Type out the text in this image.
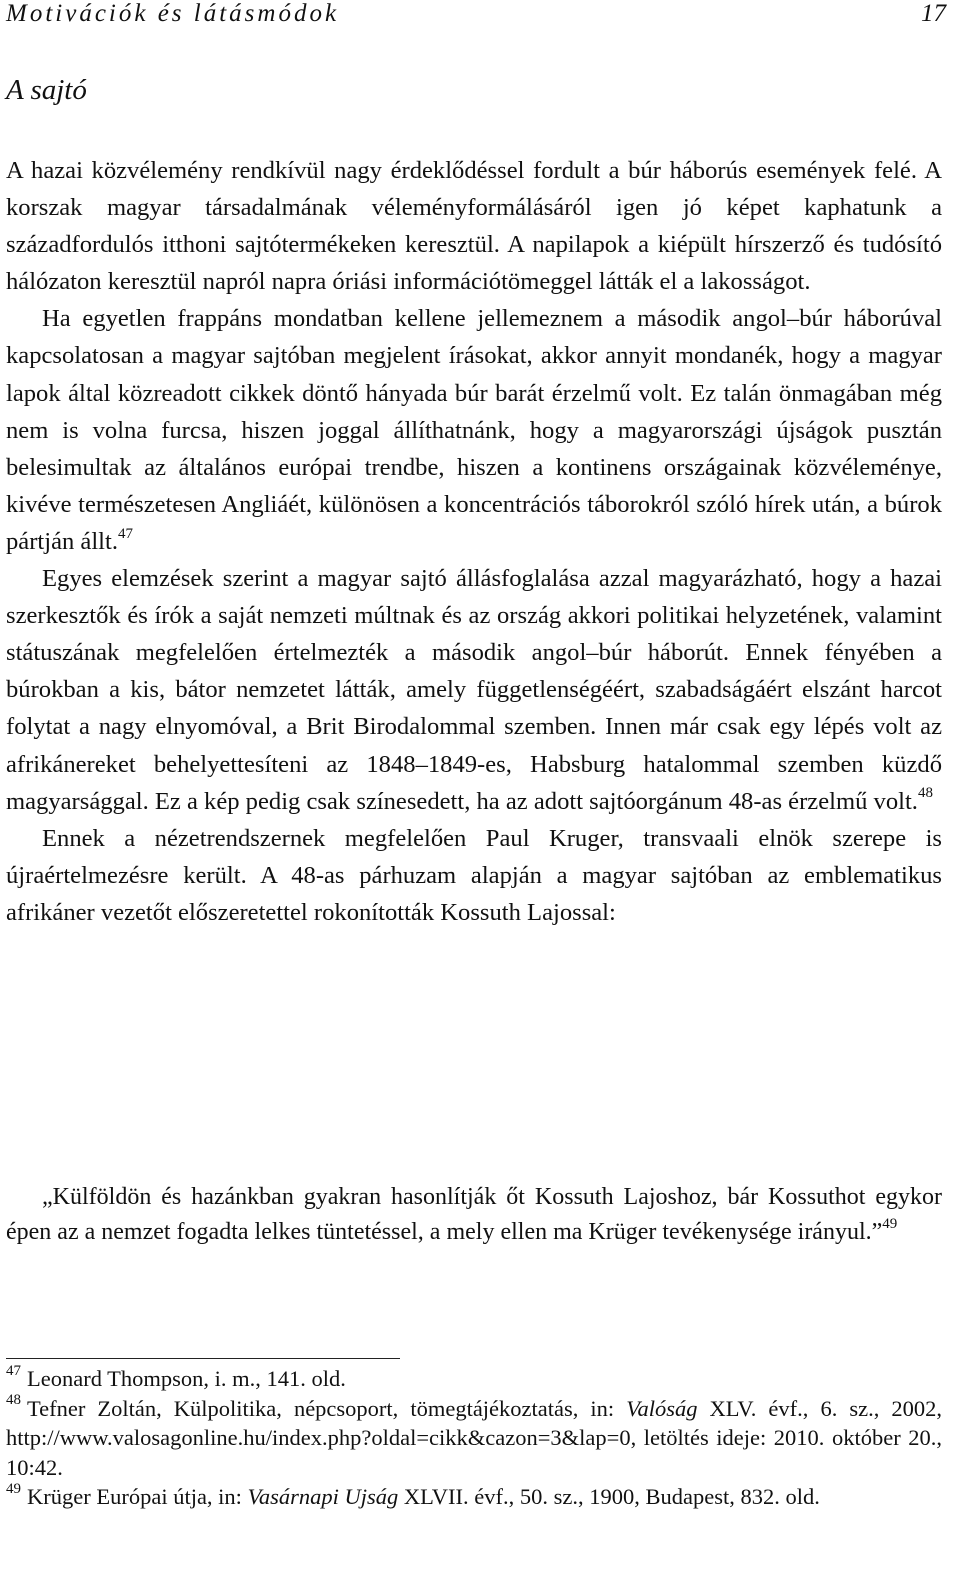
Motivációk és látásmódok	17
A sajtó

A hazai közvélemény rendkívül nagy érdeklődéssel fordult a búr háborús események felé. A korszak magyar társadalmának véleményformálásáról igen jó képet kaphatunk a századfordulós itthoni sajtótermékeken keresztül. A napilapok a kiépült hírszerző és tudósító hálózaton keresztül napról napra óriási információtömeggel látták el a lakosságot.

Ha egyetlen frappáns mondatban kellene jellemeznem a második angol–búr háborúval kapcsolatosan a magyar sajtóban megjelent írásokat, akkor annyit mondanék, hogy a magyar lapok által közreadott cikkek döntő hányada búr barát érzelmű volt. Ez talán önmagában még nem is volna furcsa, hiszen joggal állíthatnánk, hogy a magyarországi újságok pusztán belesimultak az általános európai trendbe, hiszen a kontinens országainak közvéleménye, kivéve természetesen Angliáét, különösen a koncentrációs táborokról szóló hírek után, a búrok pártján állt.$^{47}$

Egyes elemzések szerint a magyar sajtó állásfoglalása azzal magyarázható, hogy a hazai szerkesztők és írók a saját nemzeti múltnak és az ország akkori politikai helyzetének, valamint státuszának megfelelően értelmezték a második angol–búr háborút. Ennek fényében a búrokban a kis, bátor nemzetet látták, amely függetlenségéért, szabadságáért elszánt harcot folytat a nagy elnyomóval, a Brit Birodalommal szemben. Innen már csak egy lépés volt az afrikánereket behelyettesíteni az 1848–1849-es, Habsburg hatalommal szemben küzdő magyarsággal. Ez a kép pedig csak színesedett, ha az adott sajtóorgánum 48-as érzelmű volt.$^{48}$

Ennek a nézetrendszernek megfelelően Paul Kruger, transvaali elnök szerepe is újraértelmezésre került. A 48-as párhuzam alapján a magyar sajtóban az emblematikus afrikáner vezetőt előszeretettel rokonították Kossuth Lajossal:

„Külföldön és hazánkban gyakran hasonlítják őt Kossuth Lajoshoz, bár Kossuthot egykor épen az a nemzet fogadta lelkes tüntetéssel, a mely ellen ma Krüger tevékenysége irányul.”$^{49}$

$^{47}$ Leonard Thompson, i. m., 141. old.

$^{48}$ Tefner Zoltán, Külpolitika, népcsoport, tömegtájékoztatás, in: Valóság XLV. évf., 6. sz., 2002, http://www.valosagonline.hu/index.php?oldal=cikk&cazon=3&lap=0, letöltés ideje: 2010. október 20., 10:42.

$^{49}$ Krüger Európai útja, in: Vasárnapi Ujság XLVII. évf., 50. sz., 1900, Budapest, 832. old.
